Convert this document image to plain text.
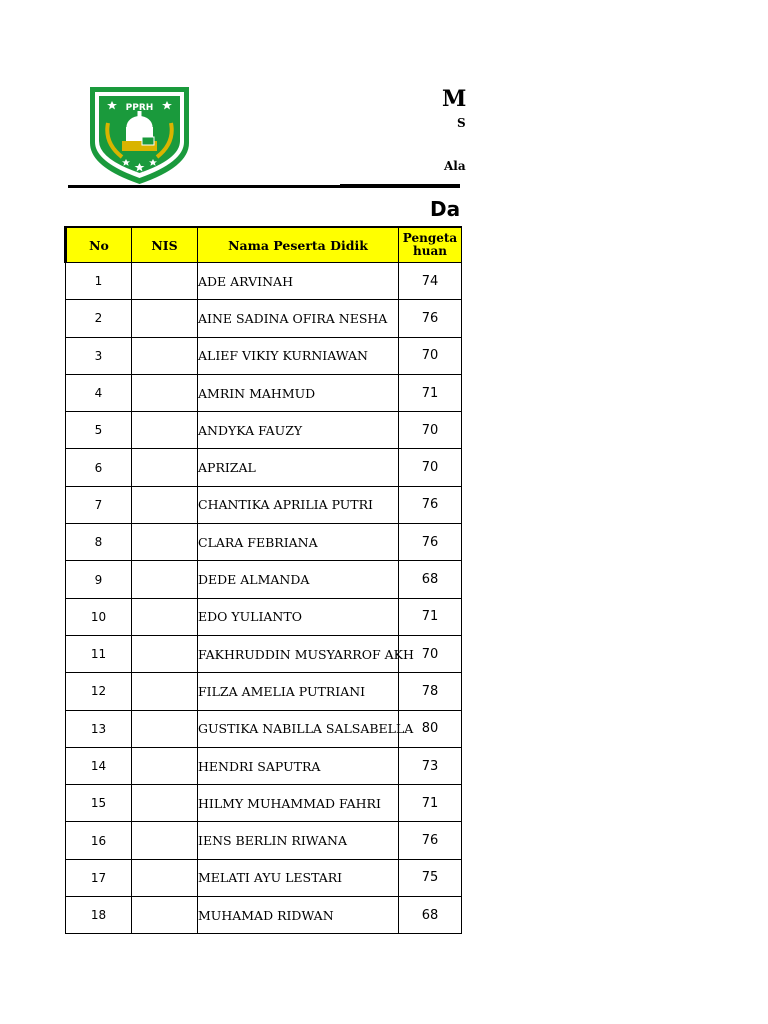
PPRH	M
S
Ala
Da
No	NIS	Nama Peserta Didik	Pengeta
huan
1		ADE ARVINAH	74
2		AINE SADINA OFIRA NESHA	76
3		ALIEF VIKIY KURNIAWAN	70
4		AMRIN MAHMUD	71
5		ANDYKA FAUZY	70
6		APRIZAL	70
7		CHANTIKA APRILIA PUTRI	76
8		CLARA FEBRIANA	76
9		DEDE ALMANDA	68
10		EDO YULIANTO	71
11		FAKHRUDDIN MUSYARROF AKH	70
12		FILZA AMELIA PUTRIANI	78
13		GUSTIKA NABILLA SALSABELLA	80
14		HENDRI SAPUTRA	73
15		HILMY MUHAMMAD FAHRI	71
16		IENS BERLIN RIWANA	76
17		MELATI AYU LESTARI	75
18		MUHAMAD RIDWAN	68
